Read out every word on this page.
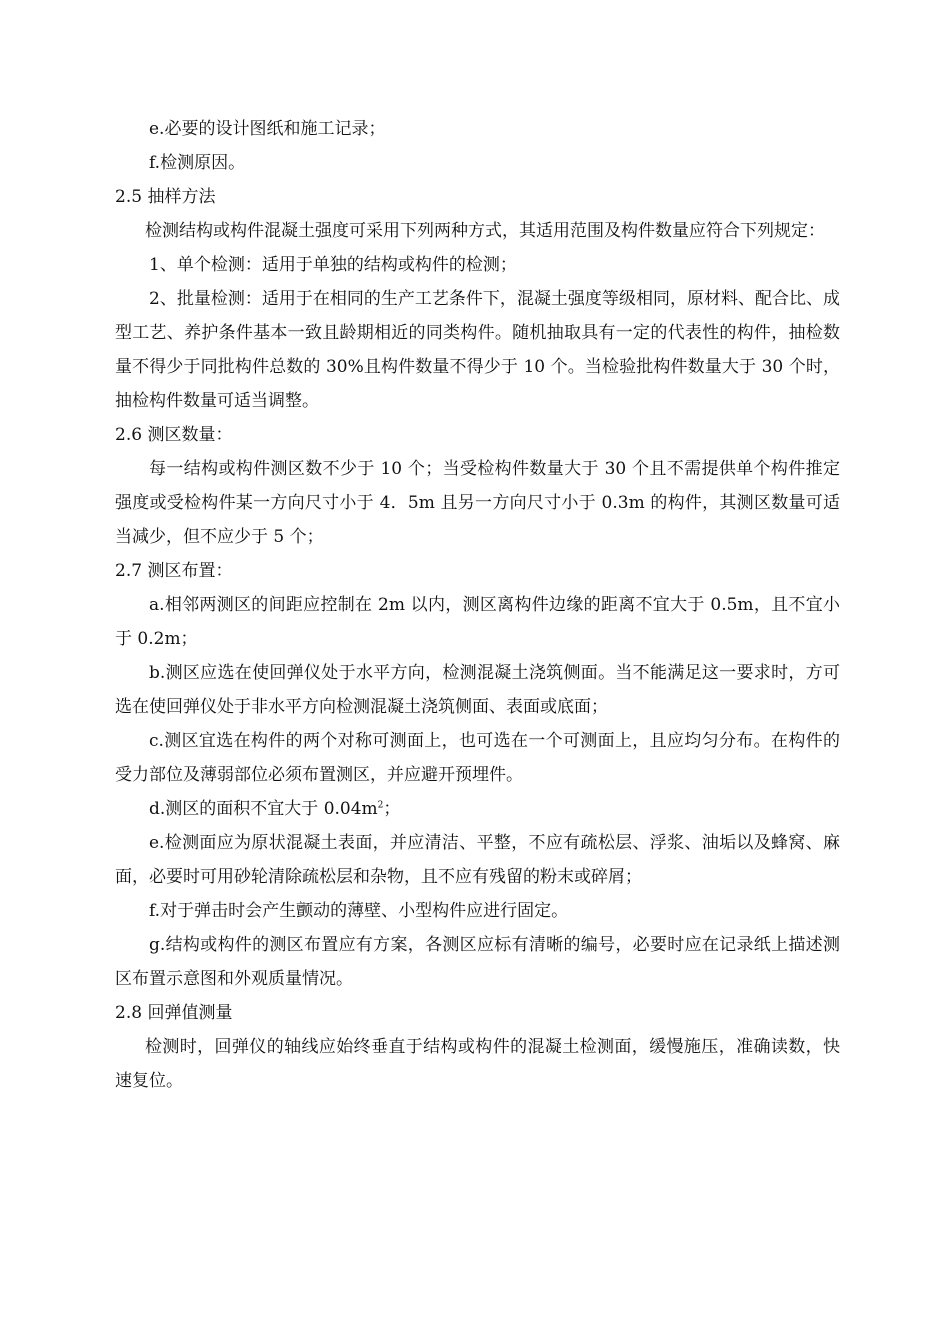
e.必要的设计图纸和施工记录；

f.检测原因。

2.5 抽样方法

检测结构或构件混凝土强度可采用下列两种方式，其适用范围及构件数量应符合下列规定：

1、单个检测：适用于单独的结构或构件的检测；

2、批量检测：适用于在相同的生产工艺条件下，混凝土强度等级相同，原材料、配合比、成型工艺、养护条件基本一致且龄期相近的同类构件。随机抽取具有一定的代表性的构件，抽检数量不得少于同批构件总数的 30%且构件数量不得少于 10 个。当检验批构件数量大于 30 个时，抽检构件数量可适当调整。

2.6 测区数量：

每一结构或构件测区数不少于 10 个；当受检构件数量大于 30 个且不需提供单个构件推定强度或受检构件某一方向尺寸小于 4．5m 且另一方向尺寸小于 0.3m 的构件，其测区数量可适当减少，但不应少于 5 个；

2.7 测区布置：

a.相邻两测区的间距应控制在 2m 以内，测区离构件边缘的距离不宜大于 0.5m，且不宜小于 0.2m；

b.测区应选在使回弹仪处于水平方向，检测混凝土浇筑侧面。当不能满足这一要求时，方可选在使回弹仪处于非水平方向检测混凝土浇筑侧面、表面或底面；

c.测区宜选在构件的两个对称可测面上，也可选在一个可测面上，且应均匀分布。在构件的受力部位及薄弱部位必须布置测区，并应避开预埋件。

d.测区的面积不宜大于 $0.04m^2$；

e.检测面应为原状混凝土表面，并应清洁、平整，不应有疏松层、浮浆、油垢以及蜂窝、麻面，必要时可用砂轮清除疏松层和杂物，且不应有残留的粉末或碎屑；

f.对于弹击时会产生颤动的薄壁、小型构件应进行固定。

g.结构或构件的测区布置应有方案，各测区应标有清晰的编号，必要时应在记录纸上描述测区布置示意图和外观质量情况。

2.8 回弹值测量

检测时，回弹仪的轴线应始终垂直于结构或构件的混凝土检测面，缓慢施压，准确读数，快速复位。
